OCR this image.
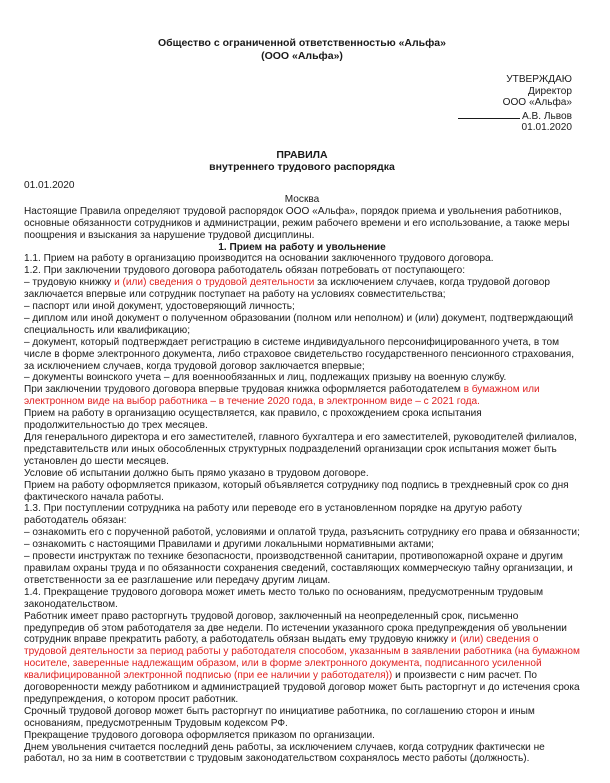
Общество с ограниченной ответственностью «Альфа»
(ООО «Альфа»)
УТВЕРЖДАЮ
Директор
ООО «Альфа»
А.В. Львов
01.01.2020
ПРАВИЛА
внутреннего трудового распорядка
01.01.2020
Москва

Настоящие Правила определяют трудовой распорядок ООО «Альфа», порядок приема и увольнения работников, основные обязанности сотрудников и администрации, режим рабочего времени и его использование, а также меры поощрения и взыскания за нарушение трудовой дисциплины.

1. Прием на работу и увольнение

1.1. Прием на работу в организацию производится на основании заключенного трудового договора.

1.2. При заключении трудового договора работодатель обязан потребовать от поступающего:

– трудовую книжку и (или) сведения о трудовой деятельности за исключением случаев, когда трудовой договор заключается впервые или сотрудник поступает на работу на условиях совместительства;

– паспорт или иной документ, удостоверяющий личность;

– диплом или иной документ о полученном образовании (полном или неполном) и (или) документ, подтверждающий специальность или квалификацию;

– документ, который подтверждает регистрацию в системе индивидуального персонифицированного учета, в том числе в форме электронного документа, либо страховое свидетельство государственного пенсионного страхования, за исключением случаев, когда трудовой договор заключается впервые;

– документы воинского учета – для военнообязанных и лиц, подлежащих призыву на военную службу.

При заключении трудового договора впервые трудовая книжка оформляется работодателем в бумажном или электронном виде на выбор работника – в течение 2020 года, в электронном виде – с 2021 года.

Прием на работу в организацию осуществляется, как правило, с прохождением срока испытания продолжительностью до трех месяцев.

Для генерального директора и его заместителей, главного бухгалтера и его заместителей, руководителей филиалов, представительств или иных обособленных структурных подразделений организации срок испытания может быть установлен до шести месяцев.

Условие об испытании должно быть прямо указано в трудовом договоре.

Прием на работу оформляется приказом, который объявляется сотруднику под подпись в трехдневный срок со дня фактического начала работы.

1.3. При поступлении сотрудника на работу или переводе его в установленном порядке на другую работу работодатель обязан:

– ознакомить его с порученной работой, условиями и оплатой труда, разъяснить сотруднику его права и обязанности;

– ознакомить с настоящими Правилами и другими локальными нормативными актами;

– провести инструктаж по технике безопасности, производственной санитарии, противопожарной охране и другим правилам охраны труда и по обязанности сохранения сведений, составляющих коммерческую тайну организации, и ответственности за ее разглашение или передачу другим лицам.

1.4. Прекращение трудового договора может иметь место только по основаниям, предусмотренным трудовым законодательством.

Работник имеет право расторгнуть трудовой договор, заключенный на неопределенный срок, письменно предупредив об этом работодателя за две недели. По истечении указанного срока предупреждения об увольнении сотрудник вправе прекратить работу, а работодатель обязан выдать ему трудовую книжку и (или) сведения о трудовой деятельности за период работы у работодателя способом, указанным в заявлении работника (на бумажном носителе, заверенные надлежащим образом, или в форме электронного документа, подписанного усиленной квалифицированной электронной подписью (при ее наличии у работодателя)) и произвести с ним расчет. По договоренности между работником и администрацией трудовой договор может быть расторгнут и до истечения срока предупреждения, о котором просит работник.

Срочный трудовой договор может быть расторгнут по инициативе работника, по соглашению сторон и иным основаниям, предусмотренным Трудовым кодексом РФ.

Прекращение трудового договора оформляется приказом по организации.

Днем увольнения считается последний день работы, за исключением случаев, когда сотрудник фактически не работал, но за ним в соответствии с трудовым законодательством сохранялось место работы (должность).
